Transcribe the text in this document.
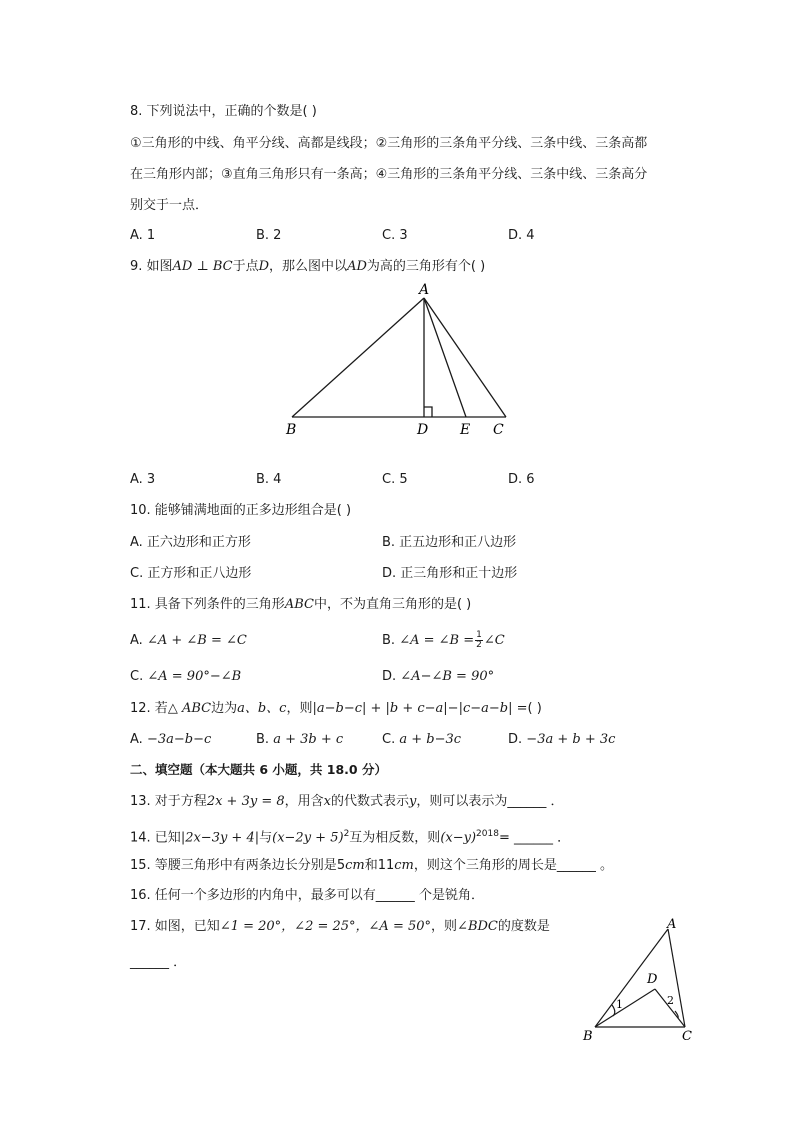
8. 下列说法中，正确的个数是( )
①三角形的中线、角平分线、高都是线段；②三角形的三条角平分线、三条中线、三条高都
在三角形内部；③直角三角形只有一条高；④三角形的三条角平分线、三条中线、三条高分
别交于一点．
A. 1	B. 2	C. 3	D. 4
9. 如图AD ⊥ BC于点D，那么图中以AD为高的三角形有个( )
A
B	D E C
A. 3	B. 4	C. 5	D. 6
10. 能够铺满地面的正多边形组合是( )
A. 正六边形和正方形	B. 正五边形和正八边形
C. 正方形和正八边形	D. 正三角形和正十边形
11. 具备下列条件的三角形ABC中，不为直角三角形的是( )
A. ∠A + ∠B = ∠C	B. ∠A = ∠B = $\frac{1}{2}$ ∠C
C. ∠A = 90°−∠B	D. ∠A−∠B = 90°
12. 若△ ABC边为a、b、c，则|a−b−c| + |b + c−a|−|c−a−b| =( )
A. −3a−b−c	B. a + 3b + c	C. a + b−3c	D. −3a + b + 3c
二、填空题（本大题共 6 小题，共 18.0 分）
13. 对于方程2x + 3y = 8，用含x的代数式表示y，则可以表示为______ ．
14. 已知|2x−3y + 4|与$(x-2y + 5)^2$互为相反数，则$(x-y)^{2018}=$ ______ ．
15. 等腰三角形中有两条边长分别是5cm和11cm，则这个三角形的周长是______ 。
16. 任何一个多边形的内角中，最多可以有______ 个是锐角．
17. 如图，已知∠1 = 20°，∠2 = 25°，∠A = 50°，则∠BDC的度数是
______ ．
A
D
1	2
B	C
